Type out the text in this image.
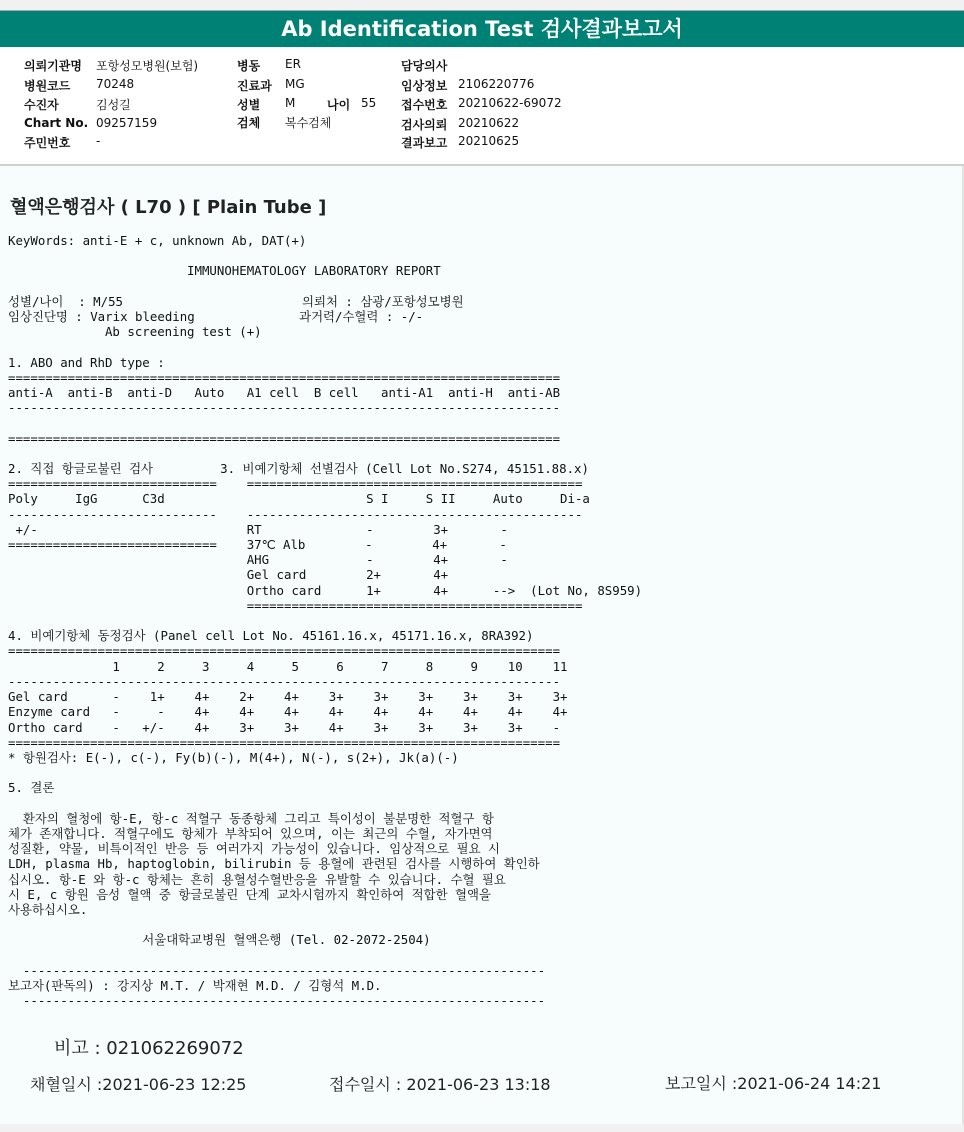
Ab Identification Test 검사결과보고서
의뢰기관명 포항성모병원(보험)
병원코드 70248
수진자	김성길
Chart No. 09257159
주민번호 -
병동 ER
진료과 MG
성별 M	나이 55
검체 복수검체
담당의사
임상정보 2106220776
접수번호 20210622-69072
검사의뢰 20210622
결과보고 20210625
혈액은행검사 ( L70 ) [ Plain Tube ]
KeyWords: anti-E + c, unknown Ab, DAT(+)

IMMUNOHEMATOLOGY LABORATORY REPORT

성별/나이  : M/55                        의뢰처 : 삼광/포항성모병원
임상진단명 : Varix bleeding              과거력/수혈력 : -/-
Ab screening test (+)

1. ABO and RhD type :
==========================================================================
anti-A  anti-B  anti-D   Auto   A1 cell  B cell   anti-A1  anti-H  anti-AB
--------------------------------------------------------------------------

==========================================================================

2. 직접 항글로불린 검사         3. 비예기항체 선별검사 (Cell Lot No.S274, 45151.88.x)
============================    =============================================
Poly     IgG      C3d                           S I     S II     Auto     Di-a
----------------------------    ---------------------------------------------
+/-                            RT              -        3+       -
============================    37℃ Alb        -        4+       -
AHG             -        4+       -
Gel card        2+       4+
Ortho card      1+       4+      -->  (Lot No, 8S959)
=============================================

4. 비예기항체 동정검사 (Panel cell Lot No. 45161.16.x, 45171.16.x, 8RA392)
==========================================================================
1     2     3     4     5     6     7     8     9    10    11
--------------------------------------------------------------------------
Gel card      -    1+    4+    2+    4+    3+    3+    3+    3+    3+    3+
Enzyme card   -     -    4+    4+    4+    4+    4+    4+    4+    4+    4+
Ortho card    -   +/-    4+    3+    3+    4+    3+    3+    3+    3+    -
==========================================================================
* 항원검사: E(-), c(-), Fy(b)(-), M(4+), N(-), s(2+), Jk(a)(-)

5. 결론

환자의 혈청에 항-E, 항-c 적혈구 동종항체 그리고 특이성이 불분명한 적혈구 항
체가 존재합니다. 적혈구에도 항체가 부착되어 있으며, 이는 최근의 수혈, 자가면역
성질환, 약물, 비특이적인 반응 등 여러가지 가능성이 있습니다. 임상적으로 필요 시
LDH, plasma Hb, haptoglobin, bilirubin 등 용혈에 관련된 검사를 시행하여 확인하
십시오. 항-E 와 항-c 항체는 흔히 용혈성수혈반응을 유발할 수 있습니다. 수혈 필요
시 E, c 항원 음성 혈액 중 항글로불린 단계 교차시험까지 확인하여 적합한 혈액을
사용하십시오.

서울대학교병원 혈액은행 (Tel. 02-2072-2504)

----------------------------------------------------------------------
보고자(판독의) : 강지상 M.T. / 박재현 M.D. / 김형석 M.D.
----------------------------------------------------------------------
비고 : 021062269072
채혈일시 :2021-06-23 12:25	접수일시 : 2021-06-23 13:18	보고일시 :2021-06-24 14:21
